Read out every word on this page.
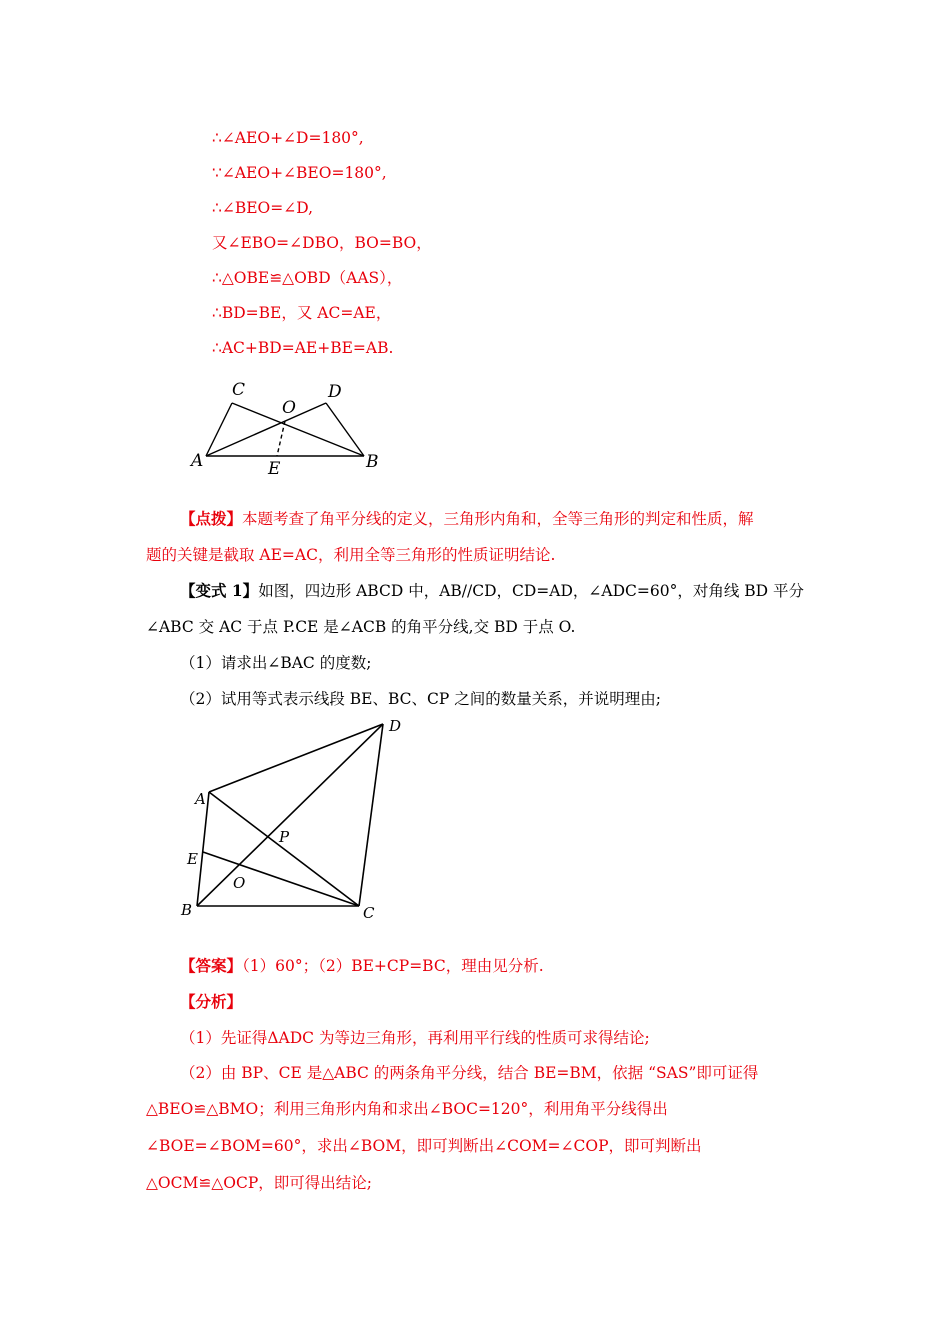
∴∠AEO+∠D=180°,
∵∠AEO+∠BEO=180°,
∴∠BEO=∠D,
又∠EBO=∠DBO，BO=BO，
∴△OBE≌△OBD（AAS），
∴BD=BE，又 AC=AE，
∴AC+BD=AE+BE=AB.
C
O
D
A	E	B
【点拨】本题考查了角平分线的定义，三角形内角和，全等三角形的判定和性质，解
题的关键是截取 AE=AC，利用全等三角形的性质证明结论.
【变式 1】如图，四边形 ABCD 中，AB//CD，CD=AD，∠ADC=60°，对角线 BD 平分
∠ABC 交 AC 于点 P.CE 是∠ACB 的角平分线,交 BD 于点 O.
（1）请求出∠BAC 的度数;
（2）试用等式表示线段 BE、BC、CP 之间的数量关系，并说明理由;
D
A
P
E
O
B	C
【答案】（1）60°；（2）BE+CP=BC，理由见分析.
【分析】
（1）先证得ΔADC 为等边三角形，再利用平行线的性质可求得结论;
（2）由 BP、CE 是△ABC 的两条角平分线，结合 BE=BM，依据 “SAS”即可证得
△BEO≌△BMO；利用三角形内角和求出∠BOC=120°，利用角平分线得出
∠BOE=∠BOM=60°，求出∠BOM，即可判断出∠COM=∠COP，即可判断出
△OCM≌△OCP，即可得出结论;
